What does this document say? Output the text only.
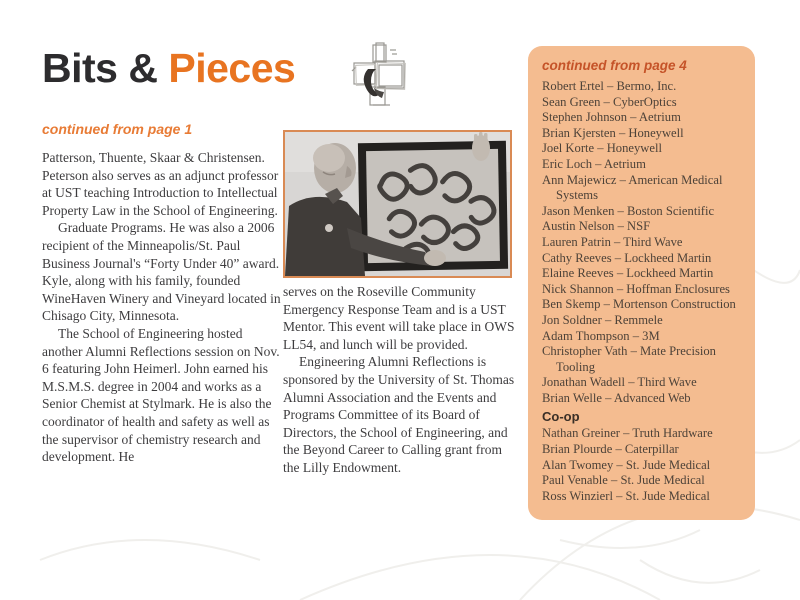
Bits & Pieces
continued from page 1

Patterson, Thuente, Skaar & Christensen. Peterson also serves as an adjunct professor at UST teaching Introduction to Intellectual Property Law in the School of Engineering.

Graduate Programs. He was also a 2006 recipient of the Minneapolis/St. Paul Business Journal's “Forty Under 40” award. Kyle, along with his family, founded WineHaven Winery and Vineyard located in Chisago City, Minnesota.

The School of Engineering hosted another Alumni Reflections session on Nov. 6 featuring John Heimerl. John earned his M.S.M.S. degree in 2004 and works as a Senior Chemist at Stylmark. He is also the coordinator of health and safety as well as the supervisor of chemistry research and development. He

serves on the Roseville Community Emergency Response Team and is a UST Mentor. This event will take place in OWS LL54, and lunch will be provided.

Engineering Alumni Reflections is sponsored by the University of St. Thomas Alumni Association and the Events and Programs Committee of its Board of Directors, the School of Engineering, and the Beyond Career to Calling grant from the Lilly Endowment.

continued from page 4
Robert Ertel – Bermo, Inc.
Sean Green – CyberOptics
Stephen Johnson – Aetrium
Brian Kjersten – Honeywell
Joel Korte – Honeywell
Eric Loch – Aetrium
Ann Majewicz – American Medical Systems
Jason Menken – Boston Scientific
Austin Nelson – NSF
Lauren Patrin – Third Wave
Cathy Reeves – Lockheed Martin
Elaine Reeves – Lockheed Martin
Nick Shannon – Hoffman Enclosures
Ben Skemp – Mortenson Construction
Jon Soldner – Remmele
Adam Thompson – 3M
Christopher Vath – Mate Precision Tooling
Jonathan Wadell – Third Wave
Brian Welle – Advanced Web
Co-op
Nathan Greiner – Truth Hardware
Brian Plourde – Caterpillar
Alan Twomey – St. Jude Medical
Paul Venable – St. Jude Medical
Ross Winzierl – St. Jude Medical
